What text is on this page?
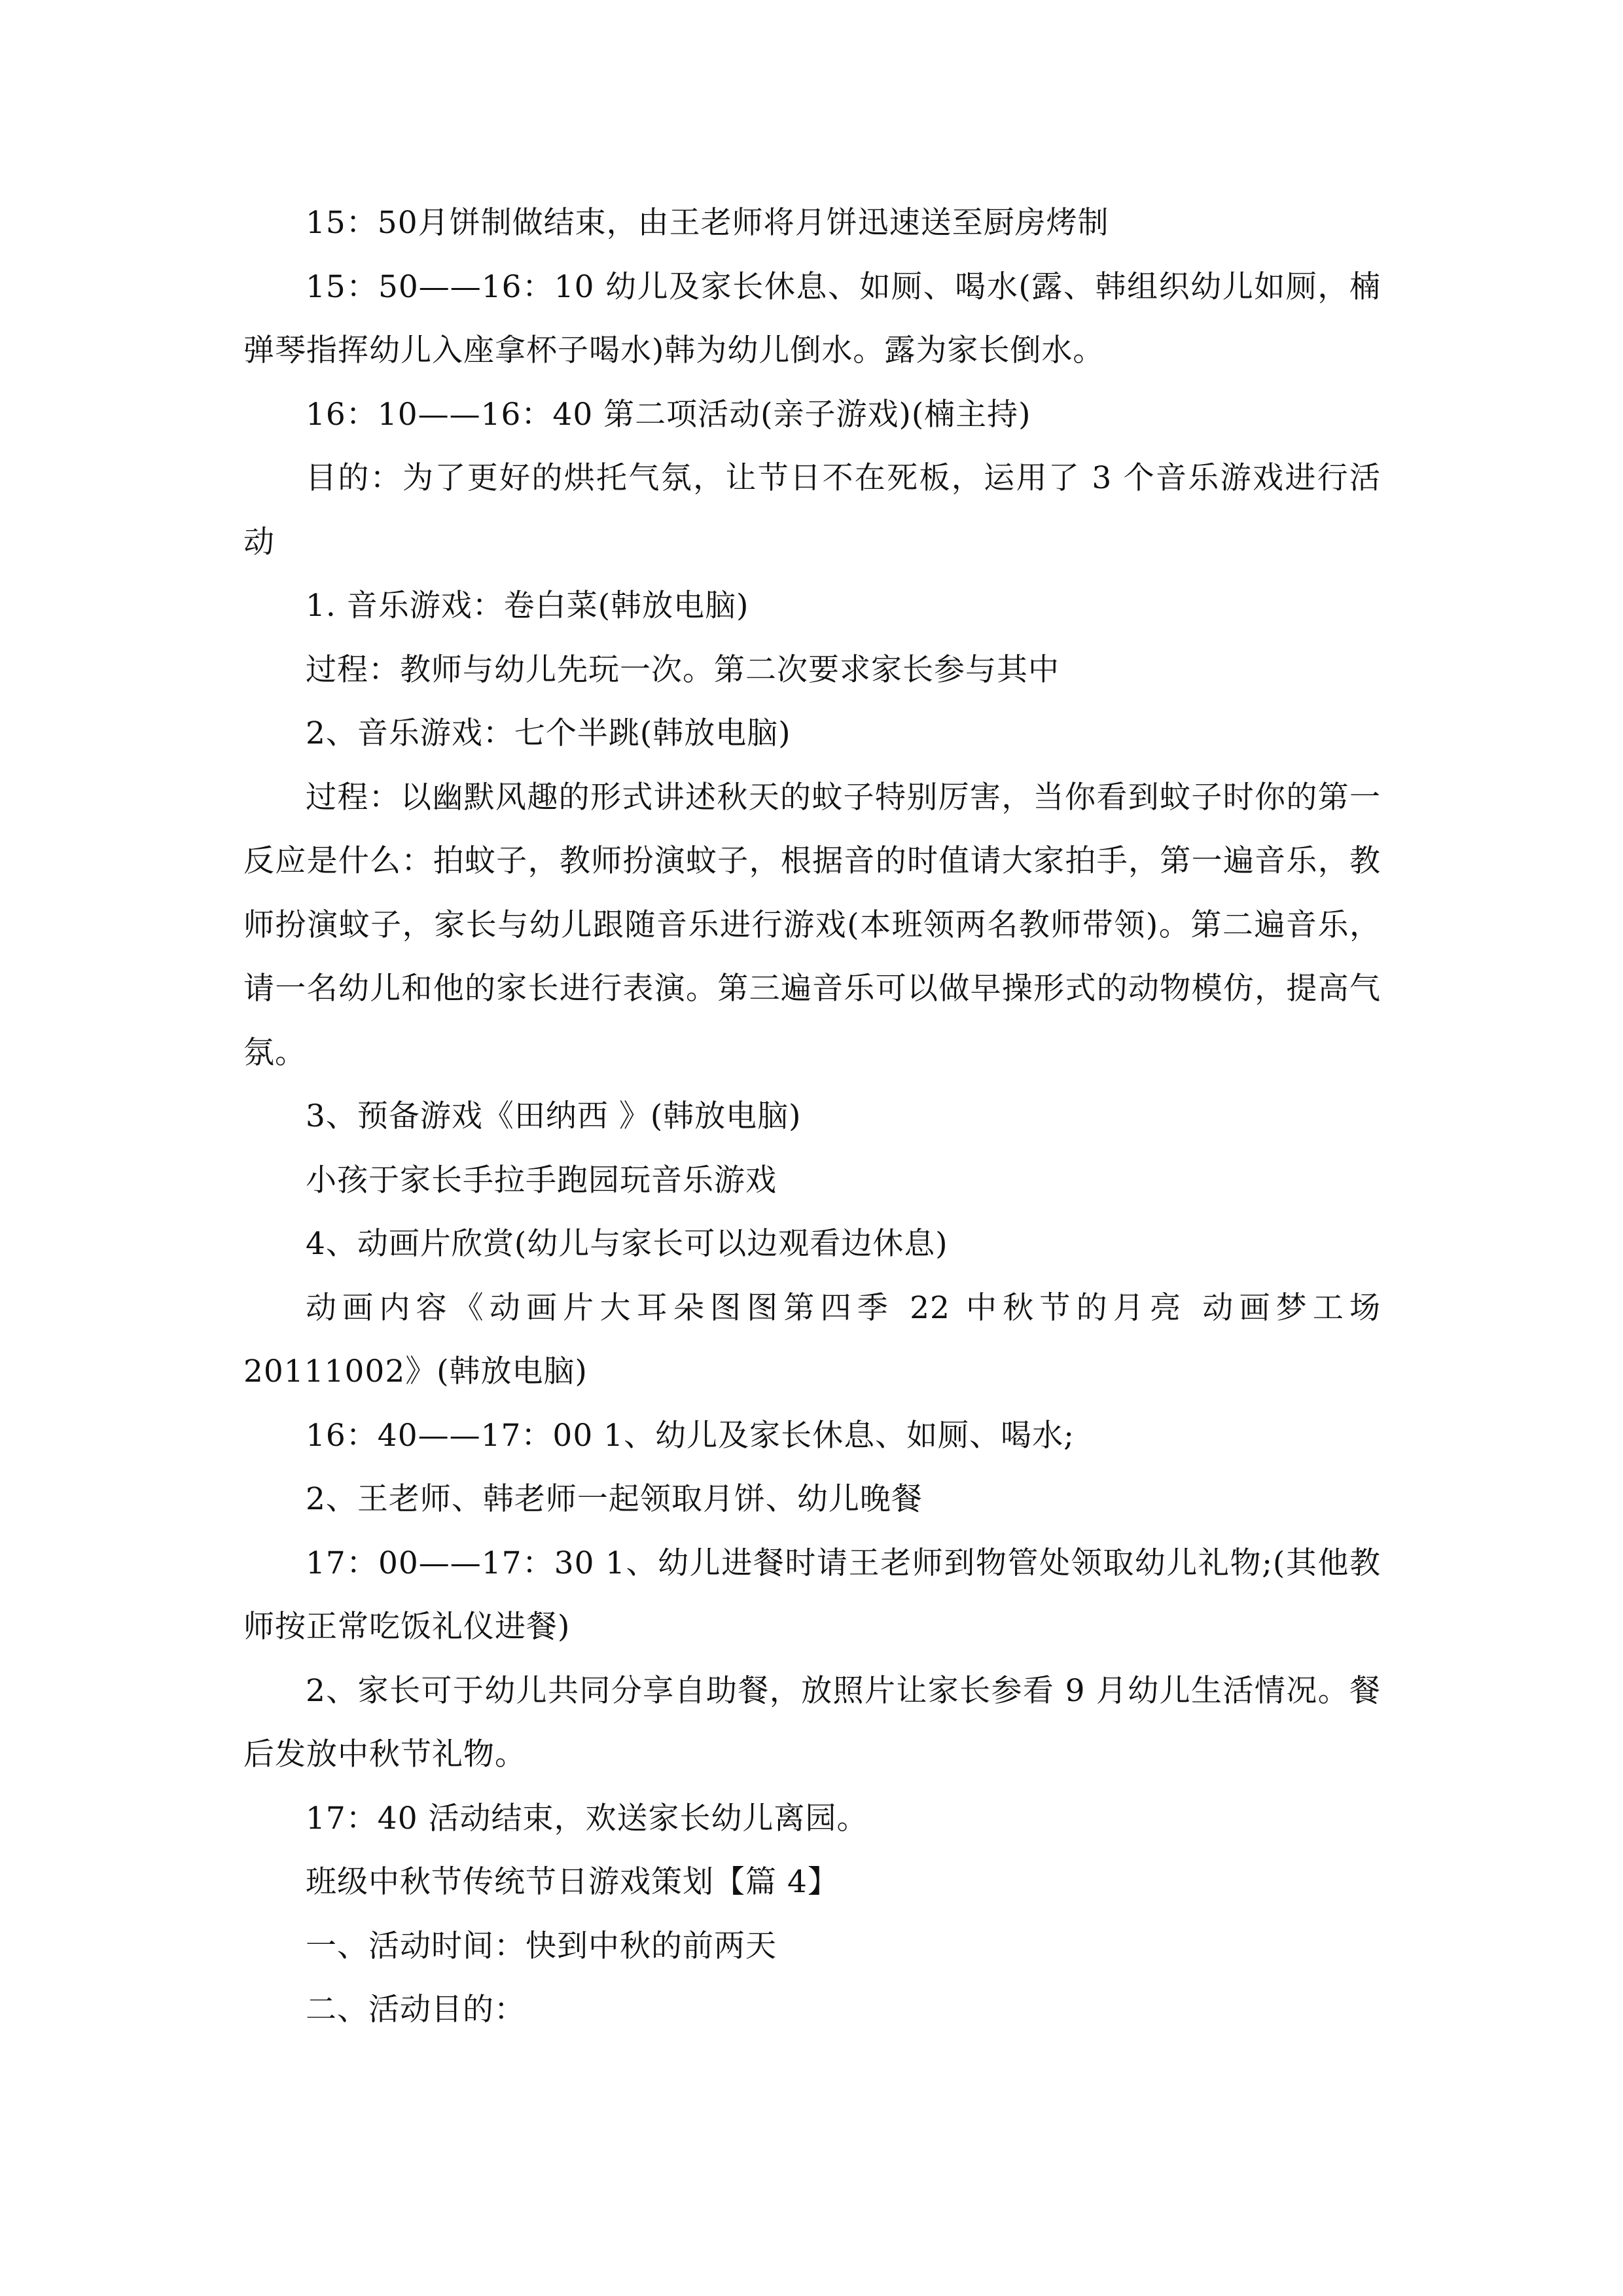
15：50月饼制做结束，由王老师将月饼迅速送至厨房烤制

15：50——16：10 幼儿及家长休息、如厕、喝水(露、韩组织幼儿如厕，楠弹琴指挥幼儿入座拿杯子喝水)韩为幼儿倒水。露为家长倒水。

16：10——16：40 第二项活动(亲子游戏)(楠主持)

目的：为了更好的烘托气氛，让节日不在死板，运用了 3 个音乐游戏进行活动

1. 音乐游戏：卷白菜(韩放电脑)

过程：教师与幼儿先玩一次。第二次要求家长参与其中

2、音乐游戏：七个半跳(韩放电脑)

过程：以幽默风趣的形式讲述秋天的蚊子特别厉害，当你看到蚊子时你的第一反应是什么：拍蚊子，教师扮演蚊子，根据音的时值请大家拍手，第一遍音乐，教师扮演蚊子，家长与幼儿跟随音乐进行游戏(本班领两名教师带领)。第二遍音乐，请一名幼儿和他的家长进行表演。第三遍音乐可以做早操形式的动物模仿，提高气氛。

3、预备游戏《田纳西 》(韩放电脑)

小孩于家长手拉手跑园玩音乐游戏

4、动画片欣赏(幼儿与家长可以边观看边休息)

动画内容《动画片大耳朵图图第四季 22 中秋节的月亮 动画梦工场 20111002》(韩放电脑)

16：40——17：00 1、幼儿及家长休息、如厕、喝水;

2、王老师、韩老师一起领取月饼、幼儿晚餐

17：00——17：30 1、幼儿进餐时请王老师到物管处领取幼儿礼物;(其他教师按正常吃饭礼仪进餐)

2、家长可于幼儿共同分享自助餐，放照片让家长参看 9 月幼儿生活情况。餐后发放中秋节礼物。

17：40 活动结束，欢送家长幼儿离园。

班级中秋节传统节日游戏策划【篇 4】

一、活动时间：快到中秋的前两天

二、活动目的：
